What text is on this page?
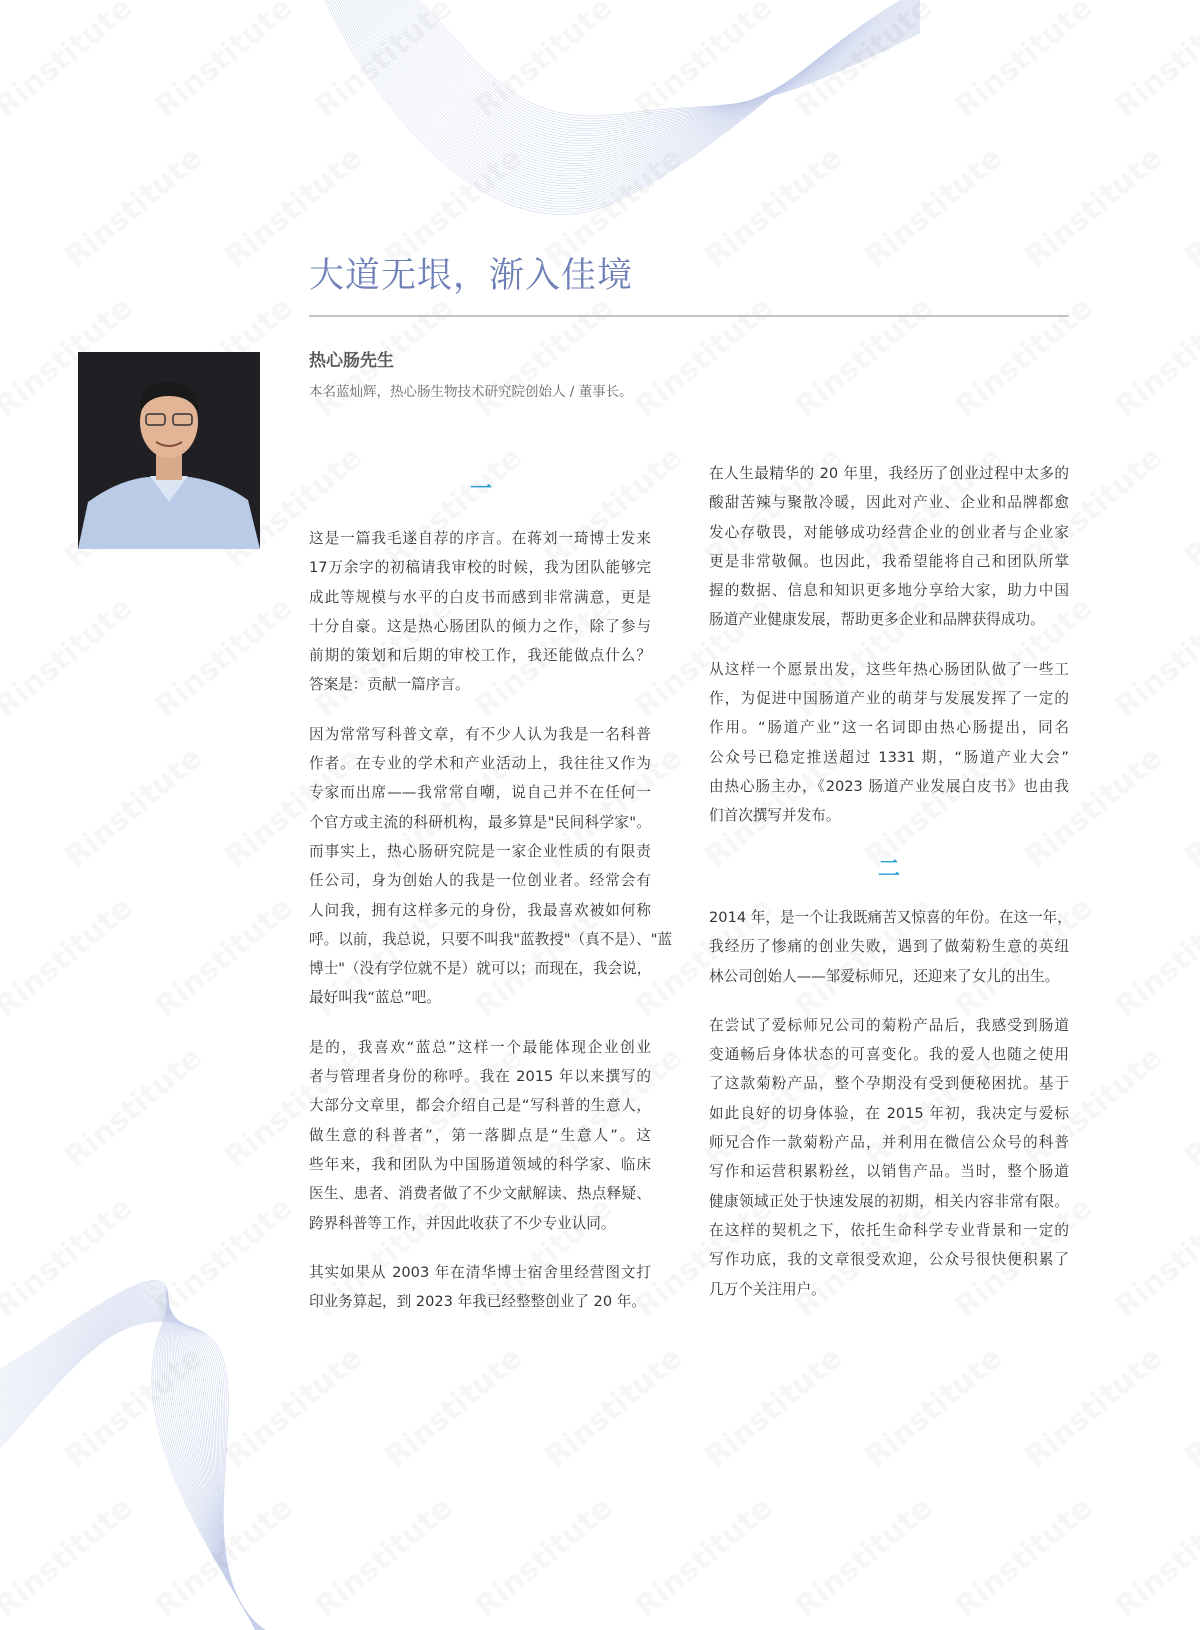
大道无垠，渐入佳境
热心肠先生
本名蓝灿辉，热心肠生物技术研究院创始人 / 董事长。
一
二

这是一篇我毛遂自荐的序言。在蒋刘一琦博士发来
17万余字的初稿请我审校的时候，我为团队能够完
成此等规模与水平的白皮书而感到非常满意，更是
十分自豪。这是热心肠团队的倾力之作，除了参与
前期的策划和后期的审校工作，我还能做点什么？
答案是：贡献一篇序言。

因为常常写科普文章，有不少人认为我是一名科普
作者。在专业的学术和产业活动上，我往往又作为
专家而出席——我常常自嘲，说自己并不在任何一
个官方或主流的科研机构，最多算是"民间科学家"。
而事实上，热心肠研究院是一家企业性质的有限责
任公司，身为创始人的我是一位创业者。经常会有
人问我，拥有这样多元的身份，我最喜欢被如何称
呼。以前，我总说，只要不叫我"蓝教授"（真不是）、"蓝
博士"（没有学位就不是）就可以；而现在，我会说，
最好叫我“蓝总”吧。

是的，我喜欢“蓝总”这样一个最能体现企业创业
者与管理者身份的称呼。我在 2015 年以来撰写的
大部分文章里，都会介绍自己是“写科普的生意人，
做生意的科普者”，第一落脚点是“生意人”。这
些年来，我和团队为中国肠道领域的科学家、临床
医生、患者、消费者做了不少文献解读、热点释疑、
跨界科普等工作，并因此收获了不少专业认同。

其实如果从 2003 年在清华博士宿舍里经营图文打
印业务算起，到 2023 年我已经整整创业了 20 年。

在人生最精华的 20 年里，我经历了创业过程中太多的
酸甜苦辣与聚散冷暖，因此对产业、企业和品牌都愈
发心存敬畏，对能够成功经营企业的创业者与企业家
更是非常敬佩。也因此，我希望能将自己和团队所掌
握的数据、信息和知识更多地分享给大家，助力中国
肠道产业健康发展，帮助更多企业和品牌获得成功。

从这样一个愿景出发，这些年热心肠团队做了一些工
作，为促进中国肠道产业的萌芽与发展发挥了一定的
作用。“肠道产业”这一名词即由热心肠提出，同名
公众号已稳定推送超过 1331 期，“肠道产业大会”
由热心肠主办，《2023 肠道产业发展白皮书》也由我
们首次撰写并发布。

2014 年，是一个让我既痛苦又惊喜的年份。在这一年，
我经历了惨痛的创业失败，遇到了做菊粉生意的英纽
林公司创始人——邹爱标师兄，还迎来了女儿的出生。

在尝试了爱标师兄公司的菊粉产品后，我感受到肠道
变通畅后身体状态的可喜变化。我的爱人也随之使用
了这款菊粉产品，整个孕期没有受到便秘困扰。基于
如此良好的切身体验，在 2015 年初，我决定与爱标
师兄合作一款菊粉产品，并利用在微信公众号的科普
写作和运营积累粉丝，以销售产品。当时，整个肠道
健康领域正处于快速发展的初期，相关内容非常有限。
在这样的契机之下，依托生命科学专业背景和一定的
写作功底，我的文章很受欢迎，公众号很快便积累了
几万个关注用户。
